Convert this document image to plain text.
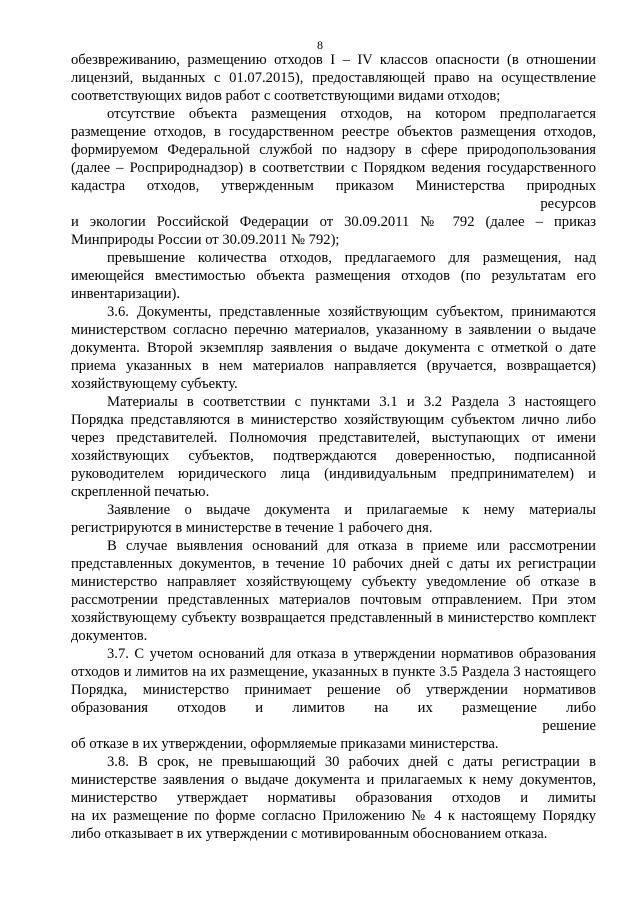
8

обезвреживанию, размещению отходов I – IV классов опасности (в отношении лицензий, выданных с 01.07.2015), предоставляющей право на осуществление соответствующих видов работ с соответствующими видами отходов;

отсутствие объекта размещения отходов, на котором предполагается размещение отходов, в государственном реестре объектов размещения отходов, формируемом Федеральной службой по надзору в сфере природопользования (далее – Росприроднадзор) в соответствии с Порядком ведения государственного кадастра отходов, утвержденным приказом Министерства природных

ресурсов

и экологии Российской Федерации от 30.09.2011 № 792 (далее – приказ Минприроды России от 30.09.2011 № 792);

превышение количества отходов, предлагаемого для размещения, над имеющейся вместимостью объекта размещения отходов (по результатам его инвентаризации).

3.6. Документы, представленные хозяйствующим субъектом, принимаются министерством согласно перечню материалов, указанному в заявлении о выдаче документа. Второй экземпляр заявления о выдаче документа с отметкой о дате приема указанных в нем материалов направляется (вручается, возвращается) хозяйствующему субъекту.

Материалы в соответствии с пунктами 3.1 и 3.2 Раздела 3 настоящего Порядка представляются в министерство хозяйствующим субъектом лично либо через представителей. Полномочия представителей, выступающих от имени хозяйствующих субъектов, подтверждаются доверенностью, подписанной руководителем юридического лица (индивидуальным предпринимателем) и скрепленной печатью.

Заявление о выдаче документа и прилагаемые к нему материалы регистрируются в министерстве в течение 1 рабочего дня.

В случае выявления оснований для отказа в приеме или рассмотрении представленных документов, в течение 10 рабочих дней с даты их регистрации министерство направляет хозяйствующему субъекту уведомление об отказе в рассмотрении представленных материалов почтовым отправлением. При этом хозяйствующему субъекту возвращается представленный в министерство комплект документов.

3.7. С учетом оснований для отказа в утверждении нормативов образования отходов и лимитов на их размещение, указанных в пункте 3.5 Раздела 3 настоящего Порядка, министерство принимает решение об утверждении нормативов образования отходов и лимитов на их размещение либо

решение

об отказе в их утверждении, оформляемые приказами министерства.

3.8. В срок, не превышающий 30 рабочих дней с даты регистрации в министерстве заявления о выдаче документа и прилагаемых к нему документов, министерство утверждает нормативы образования отходов и лимиты

на их размещение по форме согласно Приложению № 4 к настоящему Порядку либо отказывает в их утверждении с мотивированным обоснованием отказа.
